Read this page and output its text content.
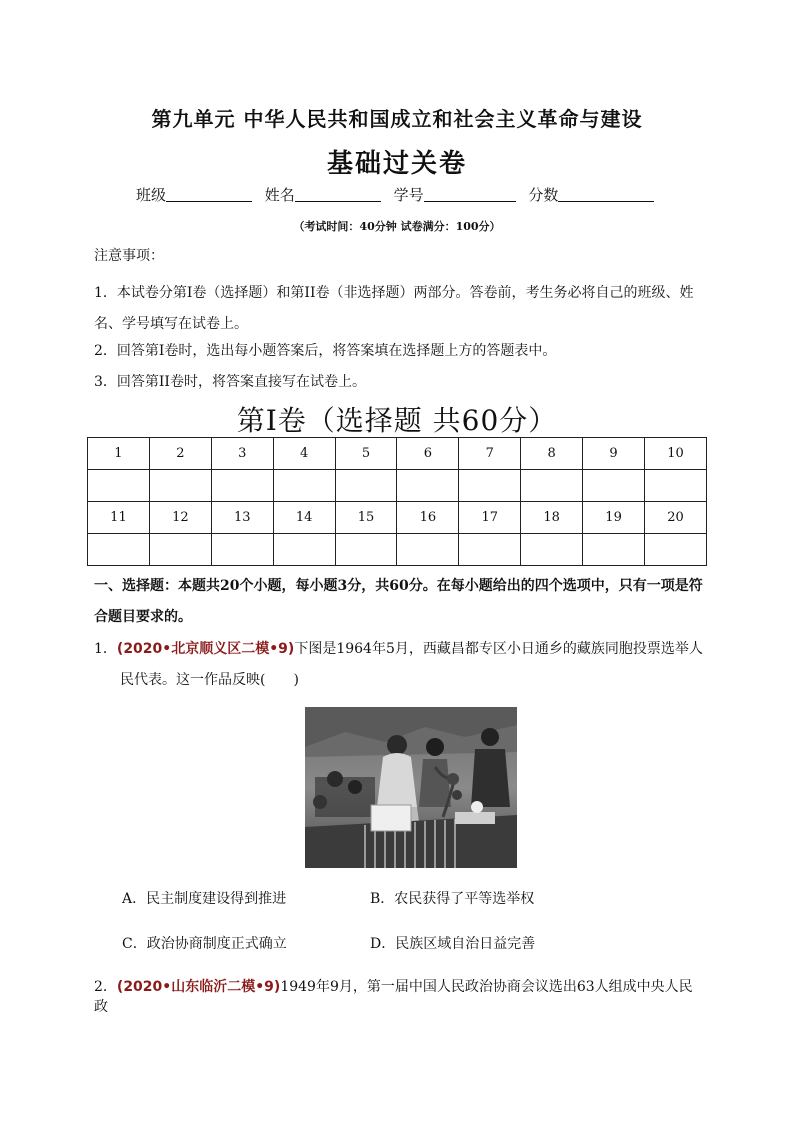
第九单元 中华人民共和国成立和社会主义革命与建设
基础过关卷
班级	姓名	学号	分数
（考试时间：40分钟 试卷满分：100分）
注意事项：
1．本试卷分第I卷（选择题）和第II卷（非选择题）两部分。答卷前，考生务必将自己的班级、姓名、学号填写在试卷上。
2．回答第I卷时，选出每小题答案后，将答案填在选择题上方的答题表中。
3．回答第II卷时，将答案直接写在试卷上。
第I卷（选择题 共60分）
1	2	3	4	5	6	7	8	9	10

11	12	13	14	15	16	17	18	19	20

一、选择题：本题共20个小题，每小题3分，共60分。在每小题给出的四个选项中，只有一项是符合题目要求的。
1．(2020•北京顺义区二模•9)下图是1964年5月，西藏昌都专区小日通乡的藏族同胞投票选举人
民代表。这一作品反映(　　)
A．民主制度建设得到推进	B．农民获得了平等选举权
C．政治协商制度正式确立	D．民族区域自治日益完善
2．(2020•山东临沂二模•9)1949年9月，第一届中国人民政治协商会议选出63人组成中央人民政
